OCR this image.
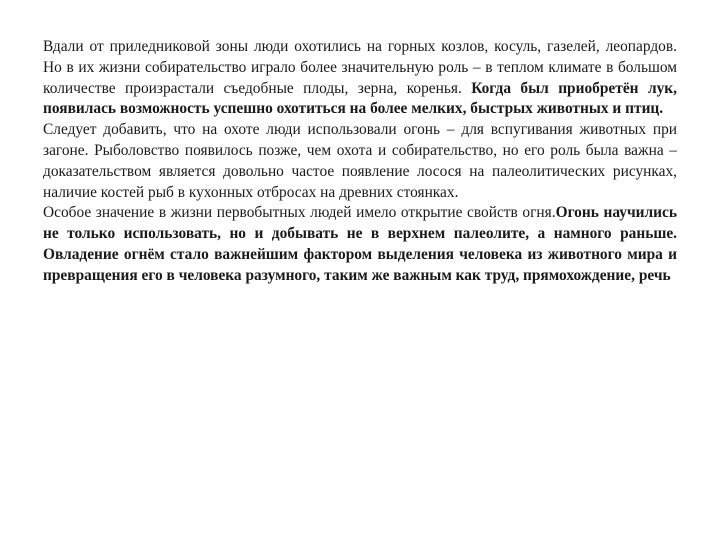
Вдали от приледниковой зоны люди охотились на горных козлов, косуль, газелей, леопардов. Но в их жизни собирательство играло более значительную роль – в теплом климате в большом количестве произрастали съедобные плоды, зерна, коренья. Когда был приобретён лук, появилась возможность успешно охотиться на более мелких, быстрых животных и птиц.

Следует добавить, что на охоте люди использовали огонь – для вспугивания животных при загоне. Рыболовство появилось позже, чем охота и собирательство, но его роль была важна – доказательством является довольно частое появление лосося на палеолитических рисунках, наличие костей рыб в кухонных отбросах на древних стоянках.

Особое значение в жизни первобытных людей имело открытие свойств огня.Огонь научились не только использовать, но и добывать не в верхнем палеолите, а намного раньше. Овладение огнём стало важнейшим фактором выделения человека из животного мира и превращения его в человека разумного, таким же важным как труд, прямохождение, речь
